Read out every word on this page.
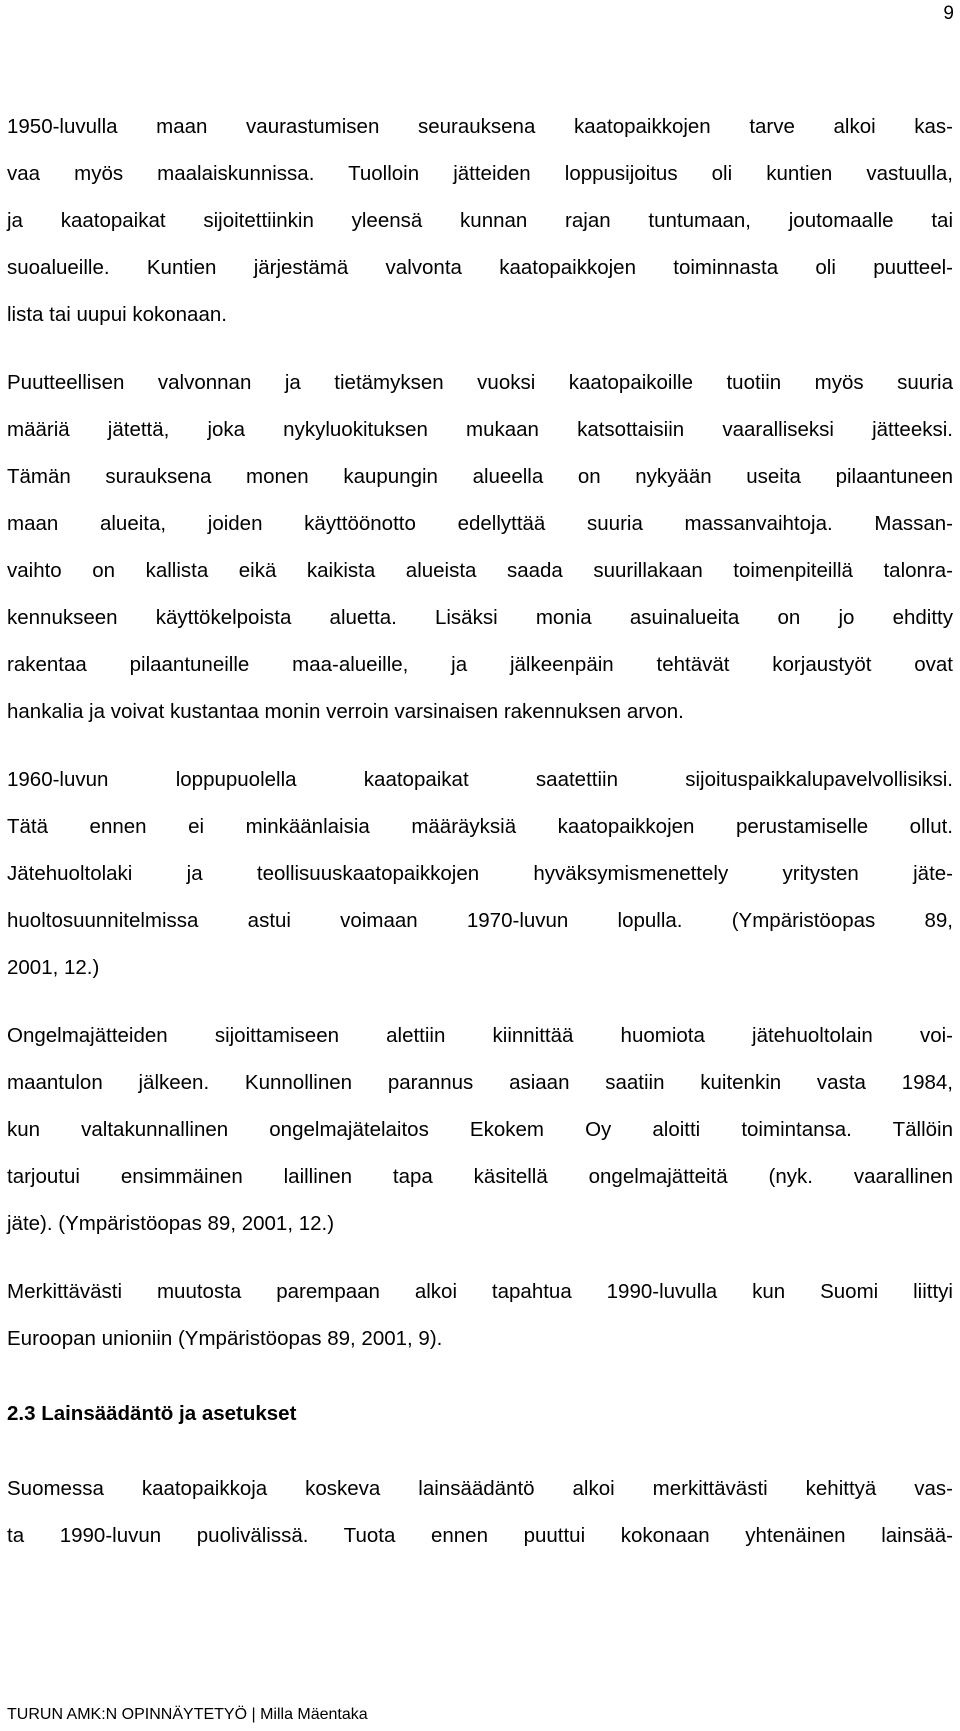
9

1950-luvulla maan vaurastumisen seurauksena kaatopaikkojen tarve alkoi kas-
vaa myös maalaiskunnissa. Tuolloin jätteiden loppusijoitus oli kuntien vastuulla,
ja kaatopaikat sijoitettiinkin yleensä kunnan rajan tuntumaan, joutomaalle tai
suoalueille. Kuntien järjestämä valvonta kaatopaikkojen toiminnasta oli puutteel-
lista tai uupui kokonaan.

Puutteellisen valvonnan ja tietämyksen vuoksi kaatopaikoille tuotiin myös suuria
määriä jätettä, joka nykyluokituksen mukaan katsottaisiin vaaralliseksi jätteeksi.
Tämän surauksena monen kaupungin alueella on nykyään useita pilaantuneen
maan alueita, joiden käyttöönotto edellyttää suuria massanvaihtoja. Massan-
vaihto on kallista eikä kaikista alueista saada suurillakaan toimenpiteillä talonra-
kennukseen käyttökelpoista aluetta. Lisäksi monia asuinalueita on jo ehditty
rakentaa pilaantuneille maa-alueille, ja jälkeenpäin tehtävät korjaustyöt ovat
hankalia ja voivat kustantaa monin verroin varsinaisen rakennuksen arvon.

1960-luvun loppupuolella kaatopaikat saatettiin sijoituspaikkalupavelvollisiksi.
Tätä ennen ei minkäänlaisia määräyksiä kaatopaikkojen perustamiselle ollut.
Jätehuoltolaki ja teollisuuskaatopaikkojen hyväksymismenettely yritysten jäte-
huoltosuunnitelmissa astui voimaan 1970-luvun lopulla. (Ympäristöopas 89,
2001, 12.)

Ongelmajätteiden sijoittamiseen alettiin kiinnittää huomiota jätehuoltolain voi-
maantulon jälkeen. Kunnollinen parannus asiaan saatiin kuitenkin vasta 1984,
kun valtakunnallinen ongelmajätelaitos Ekokem Oy aloitti toimintansa. Tällöin
tarjoutui ensimmäinen laillinen tapa käsitellä ongelmajätteitä (nyk. vaarallinen
jäte). (Ympäristöopas 89, 2001, 12.)

Merkittävästi muutosta parempaan alkoi tapahtua 1990-luvulla kun Suomi liittyi
Euroopan unioniin (Ympäristöopas 89, 2001, 9).

2.3 Lainsäädäntö ja asetukset

Suomessa kaatopaikkoja koskeva lainsäädäntö alkoi merkittävästi kehittyä vas-
ta 1990-luvun puolivälissä. Tuota ennen puuttui kokonaan yhtenäinen lainsää-

TURUN AMK:N OPINNÄYTETYÖ | Milla Mäentaka
